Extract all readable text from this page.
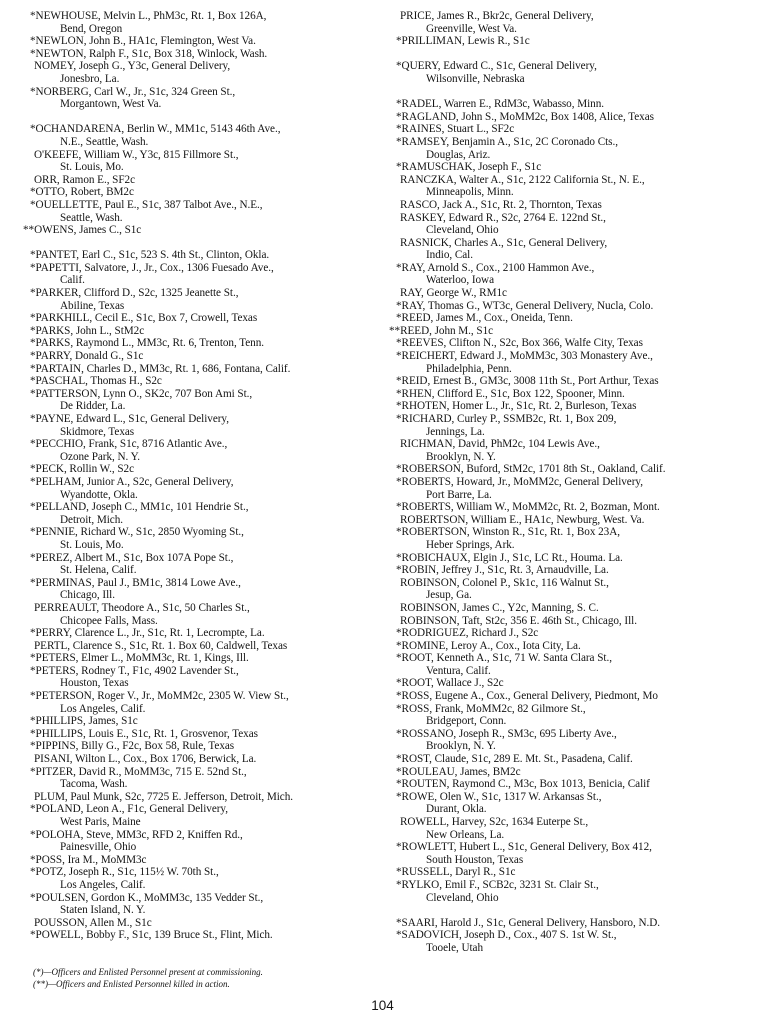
*NEWHOUSE, Melvin L., PhM3c, Rt. 1, Box 126A,
Bend, Oregon
*NEWLON, John B., HA1c, Flemington, West Va.
*NEWTON, Ralph F., S1c, Box 318, Winlock, Wash.
NOMEY, Joseph G., Y3c, General Delivery,
Jonesbro, La.
*NORBERG, Carl W., Jr., S1c, 324 Green St.,
Morgantown, West Va.
*OCHANDARENA, Berlin W., MM1c, 5143 46th Ave.,
N.E., Seattle, Wash.
O'KEEFE, William W., Y3c, 815 Fillmore St.,
St. Louis, Mo.
ORR, Ramon E., SF2c
*OTTO, Robert, BM2c
*OUELLETTE, Paul E., S1c, 387 Talbot Ave., N.E.,
Seattle, Wash.
**OWENS, James C., S1c
*PANTET, Earl C., S1c, 523 S. 4th St., Clinton, Okla.
*PAPETTI, Salvatore, J., Jr., Cox., 1306 Fuesado Ave.,
Calif.
*PARKER, Clifford D., S2c, 1325 Jeanette St.,
Abiline, Texas
*PARKHILL, Cecil E., S1c, Box 7, Crowell, Texas
*PARKS, John L., StM2c
*PARKS, Raymond L., MM3c, Rt. 6, Trenton, Tenn.
*PARRY, Donald G., S1c
*PARTAIN, Charles D., MM3c, Rt. 1, 686, Fontana, Calif.
*PASCHAL, Thomas H., S2c
*PATTERSON, Lynn O., SK2c, 707 Bon Ami St.,
De Ridder, La.
*PAYNE, Edward L., S1c, General Delivery,
Skidmore, Texas
*PECCHIO, Frank, S1c, 8716 Atlantic Ave.,
Ozone Park, N. Y.
*PECK, Rollin W., S2c
*PELHAM, Junior A., S2c, General Delivery,
Wyandotte, Okla.
*PELLAND, Joseph C., MM1c, 101 Hendrie St.,
Detroit, Mich.
*PENNIE, Richard W., S1c, 2850 Wyoming St.,
St. Louis, Mo.
*PEREZ, Albert M., S1c, Box 107A Pope St.,
St. Helena, Calif.
*PERMINAS, Paul J., BM1c, 3814 Lowe Ave.,
Chicago, Ill.
PERREAULT, Theodore A., S1c, 50 Charles St.,
Chicopee Falls, Mass.
*PERRY, Clarence L., Jr., S1c, Rt. 1, Lecrompte, La.
PERTL, Clarence S., S1c, Rt. 1. Box 60, Caldwell, Texas
*PETERS, Elmer L., MoMM3c, Rt. 1, Kings, Ill.
*PETERS, Rodney T., F1c, 4902 Lavender St.,
Houston, Texas
*PETERSON, Roger V., Jr., MoMM2c, 2305 W. View St.,
Los Angeles, Calif.
*PHILLIPS, James, S1c
*PHILLIPS, Louis E., S1c, Rt. 1, Grosvenor, Texas
*PIPPINS, Billy G., F2c, Box 58, Rule, Texas
PISANI, Wilton L., Cox., Box 1706, Berwick, La.
*PITZER, David R., MoMM3c, 715 E. 52nd St.,
Tacoma, Wash.
PLUM, Paul Munk, S2c, 7725 E. Jefferson, Detroit, Mich.
*POLAND, Leon A., F1c, General Delivery,
West Paris, Maine
*POLOHA, Steve, MM3c, RFD 2, Kniffen Rd.,
Painesville, Ohio
*POSS, Ira M., MoMM3c
*POTZ, Joseph R., S1c, 115½ W. 70th St.,
Los Angeles, Calif.
*POULSEN, Gordon K., MoMM3c, 135 Vedder St.,
Staten Island, N. Y.
POUSSON, Allen M., S1c
*POWELL, Bobby F., S1c, 139 Bruce St., Flint, Mich.
PRICE, James R., Bkr2c, General Delivery,
Greenville, West Va.
*PRILLIMAN, Lewis R., S1c
*QUERY, Edward C., S1c, General Delivery,
Wilsonville, Nebraska
*RADEL, Warren E., RdM3c, Wabasso, Minn.
*RAGLAND, John S., MoMM2c, Box 1408, Alice, Texas
*RAINES, Stuart L., SF2c
*RAMSEY, Benjamin A., S1c, 2C Coronado Cts.,
Douglas, Ariz.
*RAMUSCHAK, Joseph F., S1c
RANCZKA, Walter A., S1c, 2122 California St., N. E.,
Minneapolis, Minn.
RASCO, Jack A., S1c, Rt. 2, Thornton, Texas
RASKEY, Edward R., S2c, 2764 E. 122nd St.,
Cleveland, Ohio
RASNICK, Charles A., S1c, General Delivery,
Indio, Cal.
*RAY, Arnold S., Cox., 2100 Hammon Ave.,
Waterloo, Iowa
RAY, George W., RM1c
*RAY, Thomas G., WT3c, General Delivery, Nucla, Colo.
*REED, James M., Cox., Oneida, Tenn.
**REED, John M., S1c
*REEVES, Clifton N., S2c, Box 366, Walfe City, Texas
*REICHERT, Edward J., MoMM3c, 303 Monastery Ave.,
Philadelphia, Penn.
*REID, Ernest B., GM3c, 3008 11th St., Port Arthur, Texas
*RHEN, Clifford E., S1c, Box 122, Spooner, Minn.
*RHOTEN, Homer L., Jr., S1c, Rt. 2, Burleson, Texas
*RICHARD, Curley P., SSMB2c, Rt. 1, Box 209,
Jennings, La.
RICHMAN, David, PhM2c, 104 Lewis Ave.,
Brooklyn, N. Y.
*ROBERSON, Buford, StM2c, 1701 8th St., Oakland, Calif.
*ROBERTS, Howard, Jr., MoMM2c, General Delivery,
Port Barre, La.
*ROBERTS, William W., MoMM2c, Rt. 2, Bozman, Mont.
ROBERTSON, William E., HA1c, Newburg, West. Va.
*ROBERTSON, Winston R., S1c, Rt. 1, Box 23A,
Heber Springs, Ark.
*ROBICHAUX, Elgin J., S1c, LC Rt., Houma. La.
*ROBIN, Jeffrey J., S1c, Rt. 3, Arnaudville, La.
ROBINSON, Colonel P., Sk1c, 116 Walnut St.,
Jesup, Ga.
ROBINSON, James C., Y2c, Manning, S. C.
ROBINSON, Taft, St2c, 356 E. 46th St., Chicago, Ill.
*RODRIGUEZ, Richard J., S2c
*ROMINE, Leroy A., Cox., Iota City, La.
*ROOT, Kenneth A., S1c, 71 W. Santa Clara St.,
Ventura, Calif.
*ROOT, Wallace J., S2c
*ROSS, Eugene A., Cox., General Delivery, Piedmont, Mo
*ROSS, Frank, MoMM2c, 82 Gilmore St.,
Bridgeport, Conn.
*ROSSANO, Joseph R., SM3c, 695 Liberty Ave.,
Brooklyn, N. Y.
*ROST, Claude, S1c, 289 E. Mt. St., Pasadena, Calif.
*ROULEAU, James, BM2c
*ROUTEN, Raymond C., M3c, Box 1013, Benicia, Calif
*ROWE, Olen W., S1c, 1317 W. Arkansas St.,
Durant, Okla.
ROWELL, Harvey, S2c, 1634 Euterpe St.,
New Orleans, La.
*ROWLETT, Hubert L., S1c, General Delivery, Box 412,
South Houston, Texas
*RUSSELL, Daryl R., S1c
*RYLKO, Emil F., SCB2c, 3231 St. Clair St.,
Cleveland, Ohio
*SAARI, Harold J., S1c, General Delivery, Hansboro, N.D.
*SADOVICH, Joseph D., Cox., 407 S. 1st W. St.,
Tooele, Utah
(*)—Officers and Enlisted Personnel present at commissioning.
(**)—Officers and Enlisted Personnel killed in action.
104
